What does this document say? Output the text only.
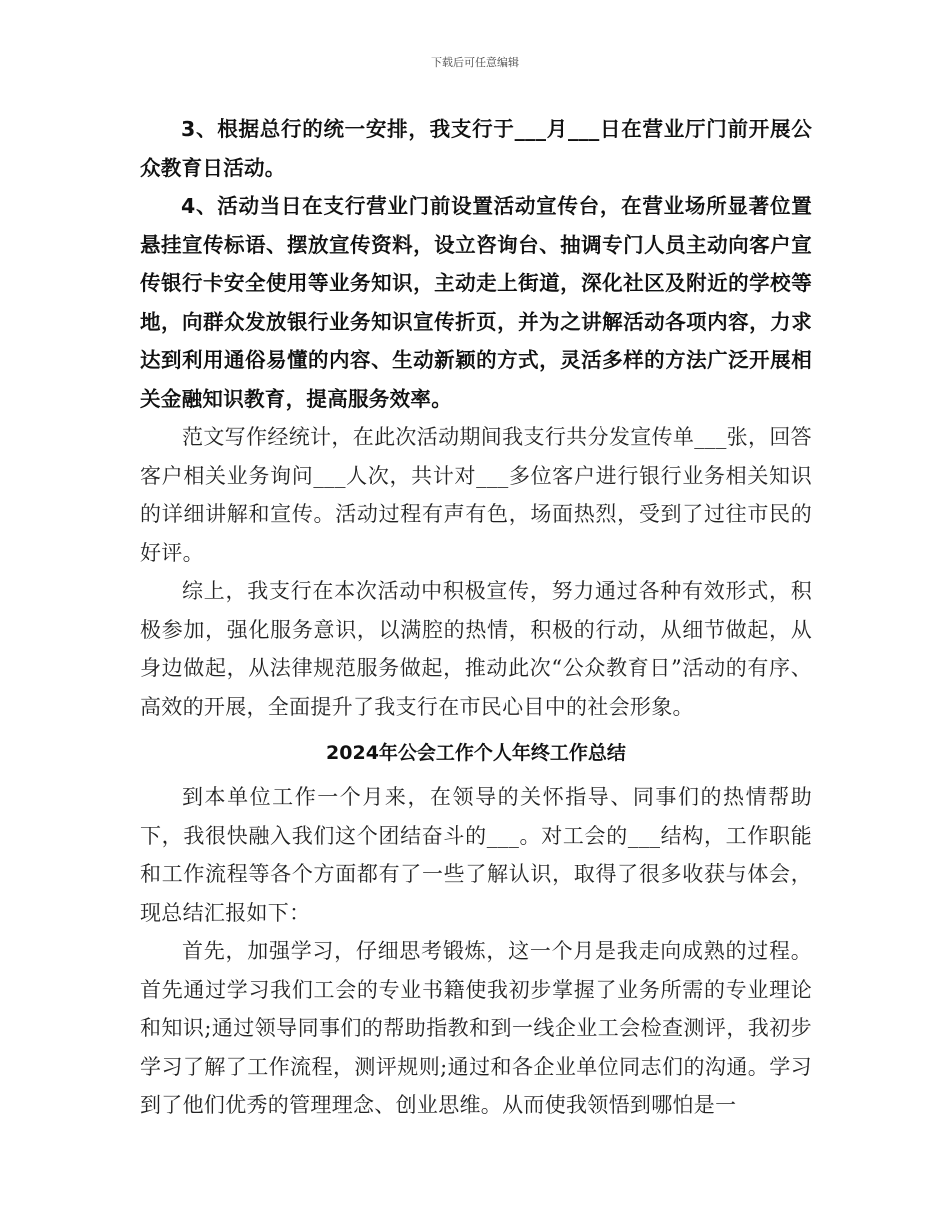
下载后可任意编辑

3、根据总行的统一安排，我支行于___月___日在营业厅门前开展公众教育日活动。

4、活动当日在支行营业门前设置活动宣传台，在营业场所显著位置悬挂宣传标语、摆放宣传资料，设立咨询台、抽调专门人员主动向客户宣传银行卡安全使用等业务知识，主动走上街道，深化社区及附近的学校等地，向群众发放银行业务知识宣传折页，并为之讲解活动各项内容，力求达到利用通俗易懂的内容、生动新颖的方式，灵活多样的方法广泛开展相关金融知识教育，提高服务效率。

范文写作经统计，在此次活动期间我支行共分发宣传单___张，回答客户相关业务询问___人次，共计对___多位客户进行银行业务相关知识的详细讲解和宣传。活动过程有声有色，场面热烈，受到了过往市民的好评。

综上，我支行在本次活动中积极宣传，努力通过各种有效形式，积极参加，强化服务意识，以满腔的热情，积极的行动，从细节做起，从身边做起，从法律规范服务做起，推动此次“公众教育日”活动的有序、高效的开展，全面提升了我支行在市民心目中的社会形象。

2024年公会工作个人年终工作总结

到本单位工作一个月来，在领导的关怀指导、同事们的热情帮助下，我很快融入我们这个团结奋斗的___。对工会的___结构，工作职能和工作流程等各个方面都有了一些了解认识，取得了很多收获与体会，现总结汇报如下：

首先，加强学习，仔细思考锻炼，这一个月是我走向成熟的过程。首先通过学习我们工会的专业书籍使我初步掌握了业务所需的专业理论和知识;通过领导同事们的帮助指教和到一线企业工会检查测评，我初步学习了解了工作流程，测评规则;通过和各企业单位同志们的沟通。学习到了他们优秀的管理理念、创业思维。从而使我领悟到哪怕是一
